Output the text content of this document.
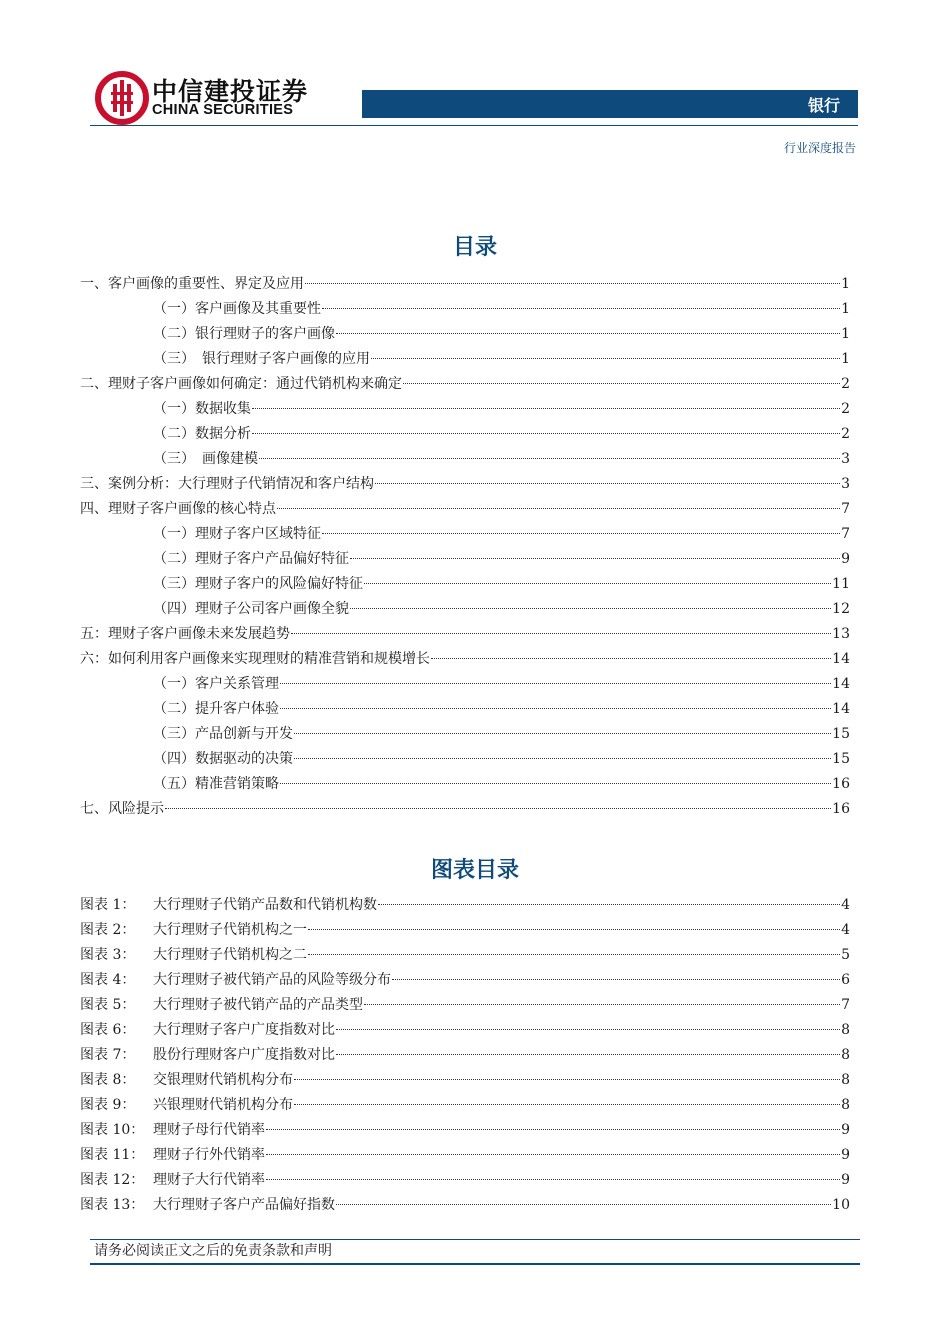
中信建投证券
CHINA SECURITIES	银行
行业深度报告
目录
一、客户画像的重要性、界定及应用	1
（一）客户画像及其重要性	1
（二）银行理财子的客户画像	1
（三）　银行理财子客户画像的应用	1
二、理财子客户画像如何确定：通过代销机构来确定	2
（一）数据收集	2
（二）数据分析	2
（三）　画像建模	3
三、案例分析：大行理财子代销情况和客户结构	3
四、理财子客户画像的核心特点	7
（一）理财子客户区域特征	7
（二）理财子客户产品偏好特征	9
（三）理财子客户的风险偏好特征	11
（四）理财子公司客户画像全貌	12
五：理财子客户画像未来发展趋势	13
六：如何利用客户画像来实现理财的精准营销和规模增长	14
（一）客户关系管理	14
（二）提升客户体验	14
（三）产品创新与开发	15
（四）数据驱动的决策	15
（五）精准营销策略	16
七、风险提示	16
图表目录
图表 1：	大行理财子代销产品数和代销机构数	4
图表 2：	大行理财子代销机构之一	4
图表 3：	大行理财子代销机构之二	5
图表 4：	大行理财子被代销产品的风险等级分布	6
图表 5：	大行理财子被代销产品的产品类型	7
图表 6：	大行理财子客户广度指数对比	8
图表 7：	股份行理财客户广度指数对比	8
图表 8：	交银理财代销机构分布	8
图表 9：	兴银理财代销机构分布	8
图表 10： 理财子母行代销率	9
图表 11： 理财子行外代销率	9
图表 12： 理财子大行代销率	9
图表 13： 大行理财子客户产品偏好指数	10
请务必阅读正文之后的免责条款和声明
